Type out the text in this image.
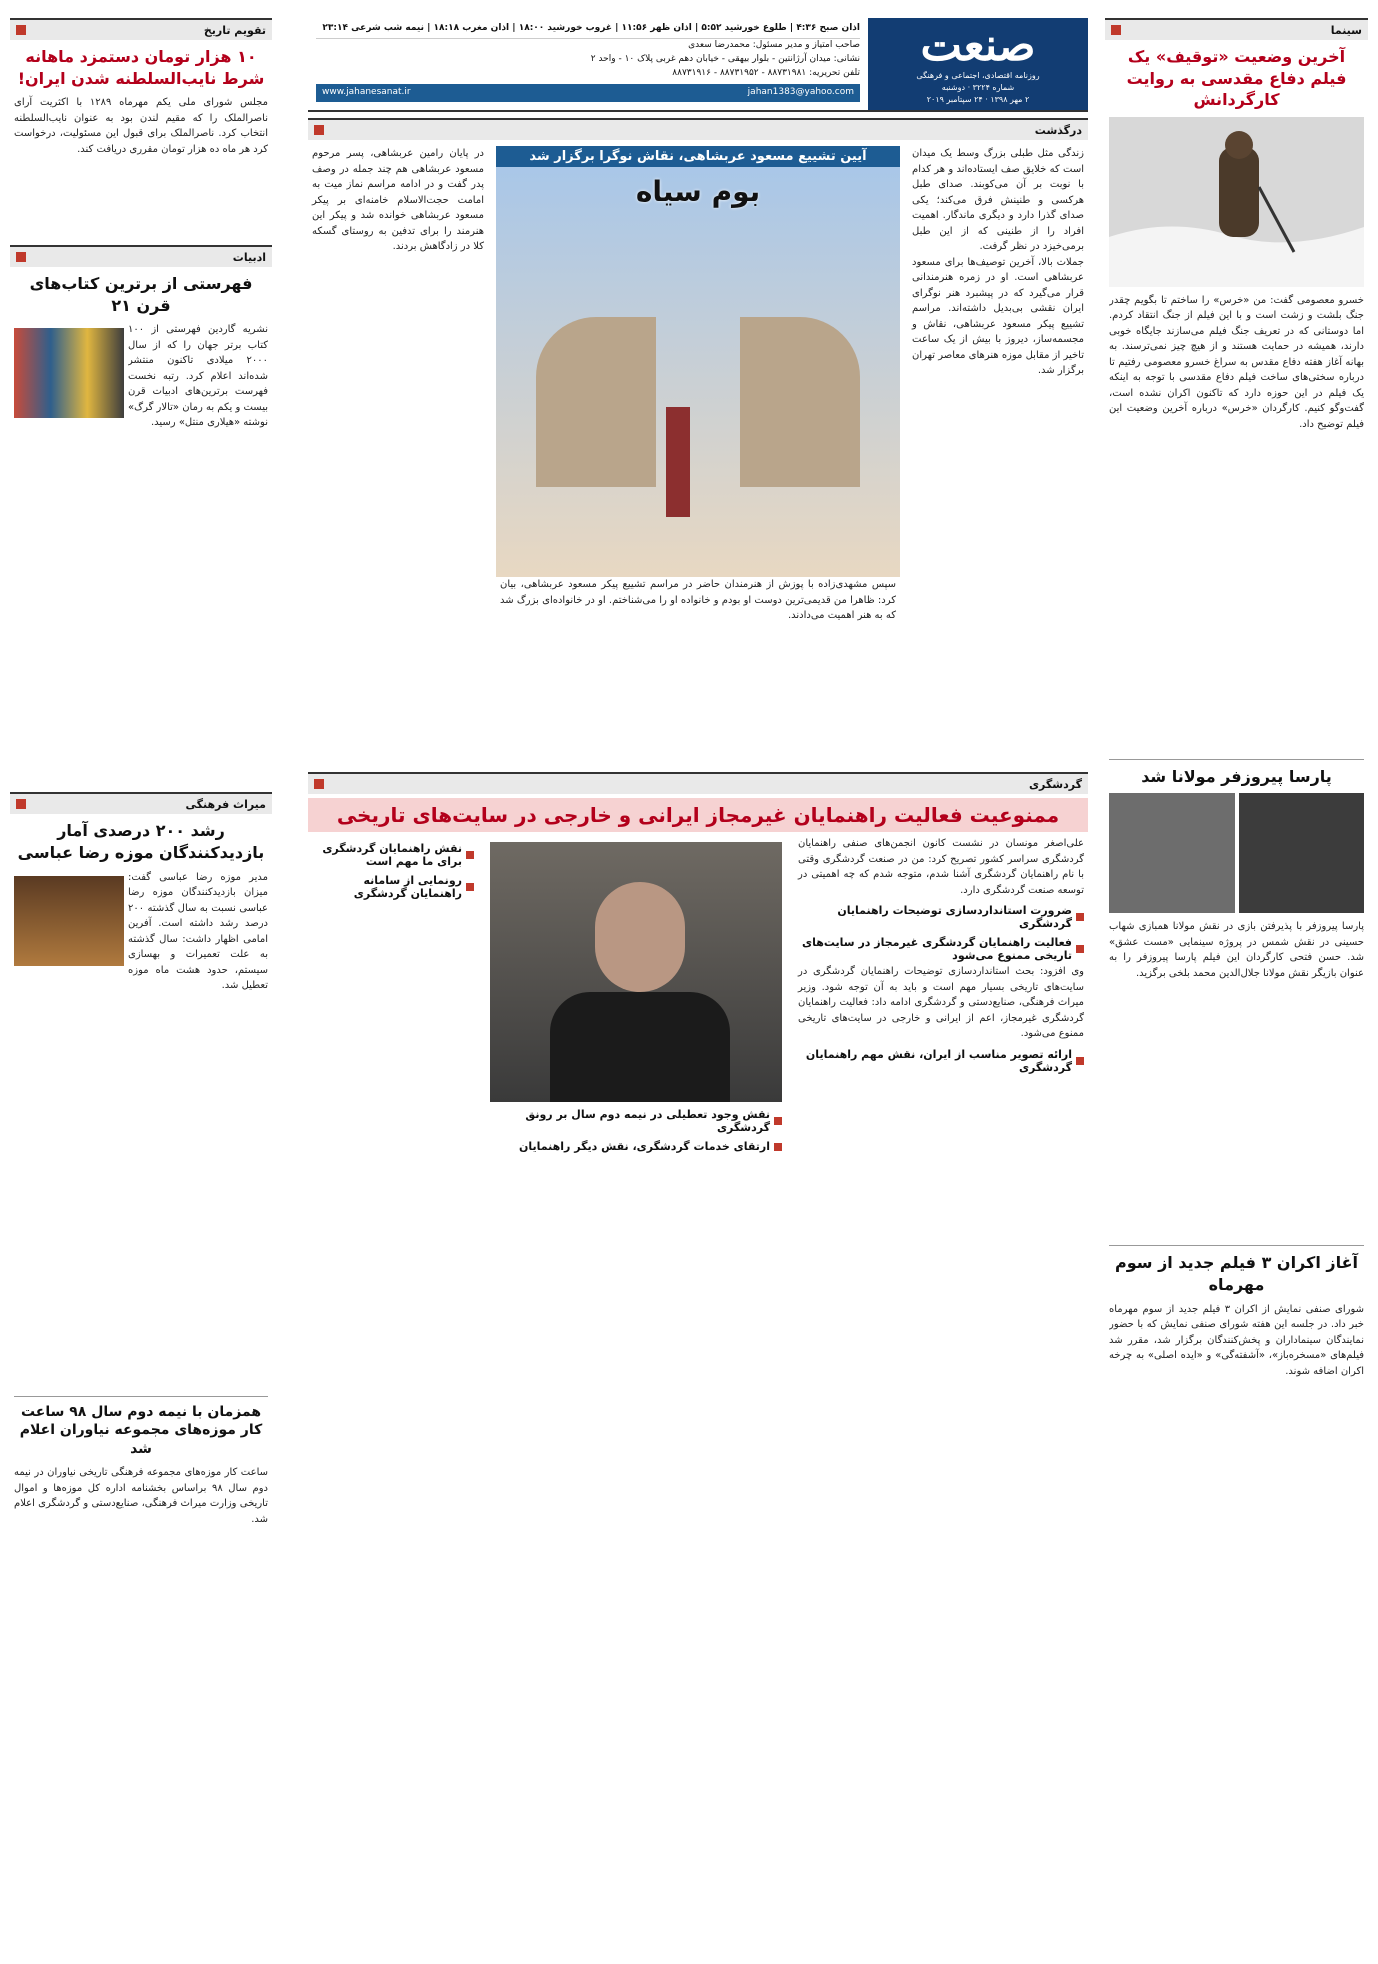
سینما
آخرین وضعیت «توقیف» یک فیلم دفاع مقدسی به روایت کارگردانش

خسرو معصومی گفت: من «خرس» را ساختم تا بگویم چقدر جنگ بلشت و زشت است و با این فیلم از جنگ انتقاد کردم. اما دوستانی که در تعریف جنگ فیلم می‌سازند جایگاه خوبی دارند، همیشه در حمایت هستند و از هیچ چیز نمی‌ترسند. به بهانه آغاز هفته دفاع مقدس به سراغ خسرو معصومی رفتیم تا درباره سختی‌های ساخت فیلم دفاع مقدسی با توجه به اینکه یک فیلم در این حوزه دارد که تاکنون اکران نشده است، گفت‌وگو کنیم. کارگردان «خرس» درباره آخرین وضعیت این فیلم توضیح داد.

پارسا پیروزفر مولانا شد

پارسا پیروزفر با پذیرفتن بازی در نقش مولانا همبازی شهاب حسینی در نقش شمس در پروژه سینمایی «مست عشق» شد. حسن فتحی کارگردان این فیلم پارسا پیروزفر را به عنوان بازیگر نقش مولانا جلال‌الدین محمد بلخی برگزید.

آغاز اکران ۳ فیلم جدید از سوم مهرماه

شورای صنفی نمایش از اکران ۳ فیلم جدید از سوم مهرماه خبر داد. در جلسه این هفته شورای صنفی نمایش که با حضور نمایندگان سینماداران و پخش‌کنندگان برگزار شد، مقرر شد فیلم‌های «مسخره‌باز»، «آشفته‌گی» و «ایده اصلی» به چرخه اکران اضافه شوند.

صنعت
روزنامه اقتصادی، اجتماعی و فرهنگی
شماره ۳۲۲۴ · دوشنبه
۲ مهر ۱۳۹۸ · ۲۴ سپتامبر ۲۰۱۹
اذان صبح ۴:۳۶ | طلوع خورشید ۵:۵۲ | اذان ظهر ۱۱:۵۶ | غروب خورشید ۱۸:۰۰ | اذان مغرب ۱۸:۱۸ | نیمه شب شرعی ۲۳:۱۴
صاحب امتیاز و مدیر مسئول: محمدرضا سعدی
نشانی: میدان آرژانتین - بلوار بیهقی - خیابان دهم غربی پلاک ۱۰ - واحد ۲
تلفن تحریریه: ۸۸۷۳۱۹۸۱ - ۸۸۷۳۱۹۵۲ - ۸۸۷۳۱۹۱۶
www.jahanesanat.ir	jahan1383@yahoo.com
درگذشت

زندگی مثل طبلی بزرگ وسط یک میدان است که خلایق صف ایستاده‌اند و هر کدام با نوبت بر آن می‌کوبند. صدای طبل هرکسی و طنینش فرق می‌کند؛ یکی صدای گذرا دارد و دیگری ماندگار. اهمیت افراد را از طنینی که از این طبل برمی‌خیزد در نظر گرفت.

جملات بالا، آخرین توصیف‌ها برای مسعود عربشاهی است. او در زمره هنرمندانی قرار می‌گیرد که در پیشبرد هنر نوگرای ایران نقشی بی‌بدیل داشته‌اند. مراسم تشییع پیکر مسعود عربشاهی، نقاش و مجسمه‌ساز، دیروز با بیش از یک ساعت تاخیر از مقابل موزه هنرهای معاصر تهران برگزار شد.

آیین تشییع مسعود عربشاهی، نقاش نوگرا برگزار شد
بوم سیاه

سپس مشهدی‌زاده با پوزش از هنرمندان حاضر در مراسم تشییع پیکر مسعود عربشاهی، بیان کرد: ظاهرا من قدیمی‌ترین دوست او بودم و خانواده او را می‌شناختم. او در خانواده‌ای بزرگ شد که به هنر اهمیت می‌دادند.

در پایان رامین عربشاهی، پسر مرحوم مسعود عربشاهی هم چند جمله در وصف پدر گفت و در ادامه مراسم نماز میت به امامت حجت‌الاسلام خامنه‌ای بر پیکر مسعود عربشاهی خوانده شد و پیکر این هنرمند را برای تدفین به روستای گسکه کلا در زادگاهش بردند.

گردشگری
ممنوعیت فعالیت راهنمایان غیرمجاز ایرانی و خارجی در سایت‌های تاریخی

علی‌اصغر مونسان در نشست کانون انجمن‌های صنفی راهنمایان گردشگری سراسر کشور تصریح کرد: من در صنعت گردشگری وقتی با نام راهنمایان گردشگری آشنا شدم، متوجه شدم که چه اهمیتی در توسعه صنعت گردشگری دارد.

ضرورت استانداردسازی توضیحات راهنمایان گردشگری
فعالیت راهنمایان گردشگری غیرمجاز در سایت‌های تاریخی ممنوع می‌شود

وی افزود: بحث استانداردسازی توضیحات راهنمایان گردشگری در سایت‌های تاریخی بسیار مهم است و باید به آن توجه شود. وزیر میراث فرهنگی، صنایع‌دستی و گردشگری ادامه داد: فعالیت راهنمایان گردشگری غیرمجاز، اعم از ایرانی و خارجی در سایت‌های تاریخی ممنوع می‌شود.

ارائه تصویر مناسب از ایران، نقش مهم راهنمایان گردشگری
نقش وجود تعطیلی در نیمه دوم سال بر رونق گردشگری
ارتقای خدمات گردشگری، نقش دیگر راهنمایان
نقش راهنمایان گردشگری برای ما مهم است
رونمایی از سامانه راهنمایان گردشگری
تقویم تاریخ
۱۰ هزار تومان دستمزد ماهانه شرط نایب‌السلطنه شدن ایران!

مجلس شورای ملی یکم مهرماه ۱۲۸۹ با اکثریت آرای ناصرالملک را که مقیم لندن بود به عنوان نایب‌السلطنه انتخاب کرد. ناصرالملک برای قبول این مسئولیت، درخواست کرد هر ماه ده هزار تومان مقرری دریافت کند.

ادبیات
فهرستی از برترین کتاب‌های قرن ۲۱

نشریه گاردین فهرستی از ۱۰۰ کتاب برتر جهان را که از سال ۲۰۰۰ میلادی تاکنون منتشر شده‌اند اعلام کرد. رتبه نخست فهرست برترین‌های ادبیات قرن بیست و یکم به رمان «تالار گرگ» نوشته «هیلاری منتل» رسید.

میراث فرهنگی
رشد ۲۰۰ درصدی آمار بازدیدکنندگان موزه رضا عباسی

مدیر موزه رضا عباسی گفت: میزان بازدیدکنندگان موزه رضا عباسی نسبت به سال گذشته ۲۰۰ درصد رشد داشته است. آفرین امامی اظهار داشت: سال گذشته به علت تعمیرات و بهسازی سیستم، حدود هشت ماه موزه تعطیل شد.

همزمان با نیمه دوم سال ۹۸ ساعت کار موزه‌های مجموعه نیاوران اعلام شد

ساعت کار موزه‌های مجموعه فرهنگی تاریخی نیاوران در نیمه دوم سال ۹۸ براساس بخشنامه اداره کل موزه‌ها و اموال تاریخی وزارت میراث فرهنگی، صنایع‌دستی و گردشگری اعلام شد.
